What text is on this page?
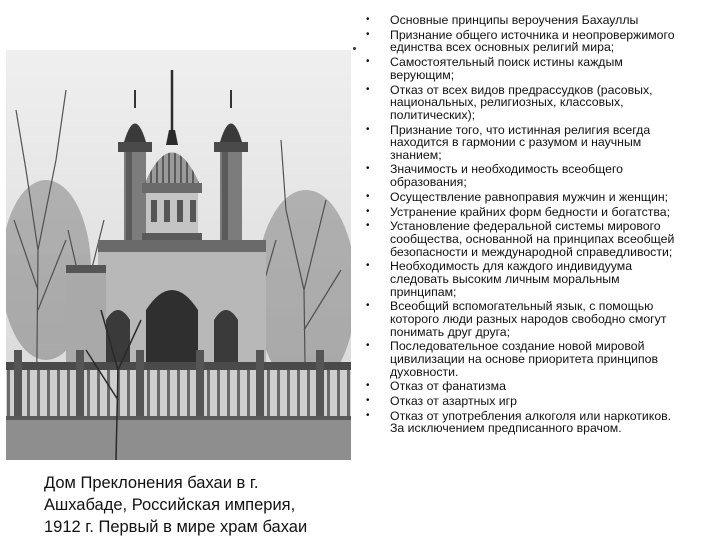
Дом Преклонения бахаи в г.
Ашхабаде, Российская империя,
1912 г. Первый в мире храм бахаи
• Основные принципы вероучения Бахауллы
• Признание общего источника и неопровержимого
единства всех основных религий мира;
• Самостоятельный поиск истины каждым
верующим;
• Отказ от всех видов предрассудков (расовых,
национальных, религиозных, классовых,
политических);
• Признание того, что истинная религия всегда
находится в гармонии с разумом и научным
знанием;
• Значимость и необходимость всеобщего
образования;
• Осуществление равноправия мужчин и женщин;
• Устранение крайних форм бедности и богатства;
• Установление федеральной системы мирового
сообщества, основанной на принципах всеобщей
безопасности и международной справедливости;
• Необходимость для каждого индивидуума
следовать высоким личным моральным
принципам;
• Всеобщий вспомогательный язык, с помощью
которого люди разных народов свободно смогут
понимать друг друга;
• Последовательное создание новой мировой
цивилизации на основе приоритета принципов
духовности.
• Отказ от фанатизма
• Отказ от азартных игр
• Отказ от употребления алкоголя или наркотиков.
За исключением предписанного врачом.
